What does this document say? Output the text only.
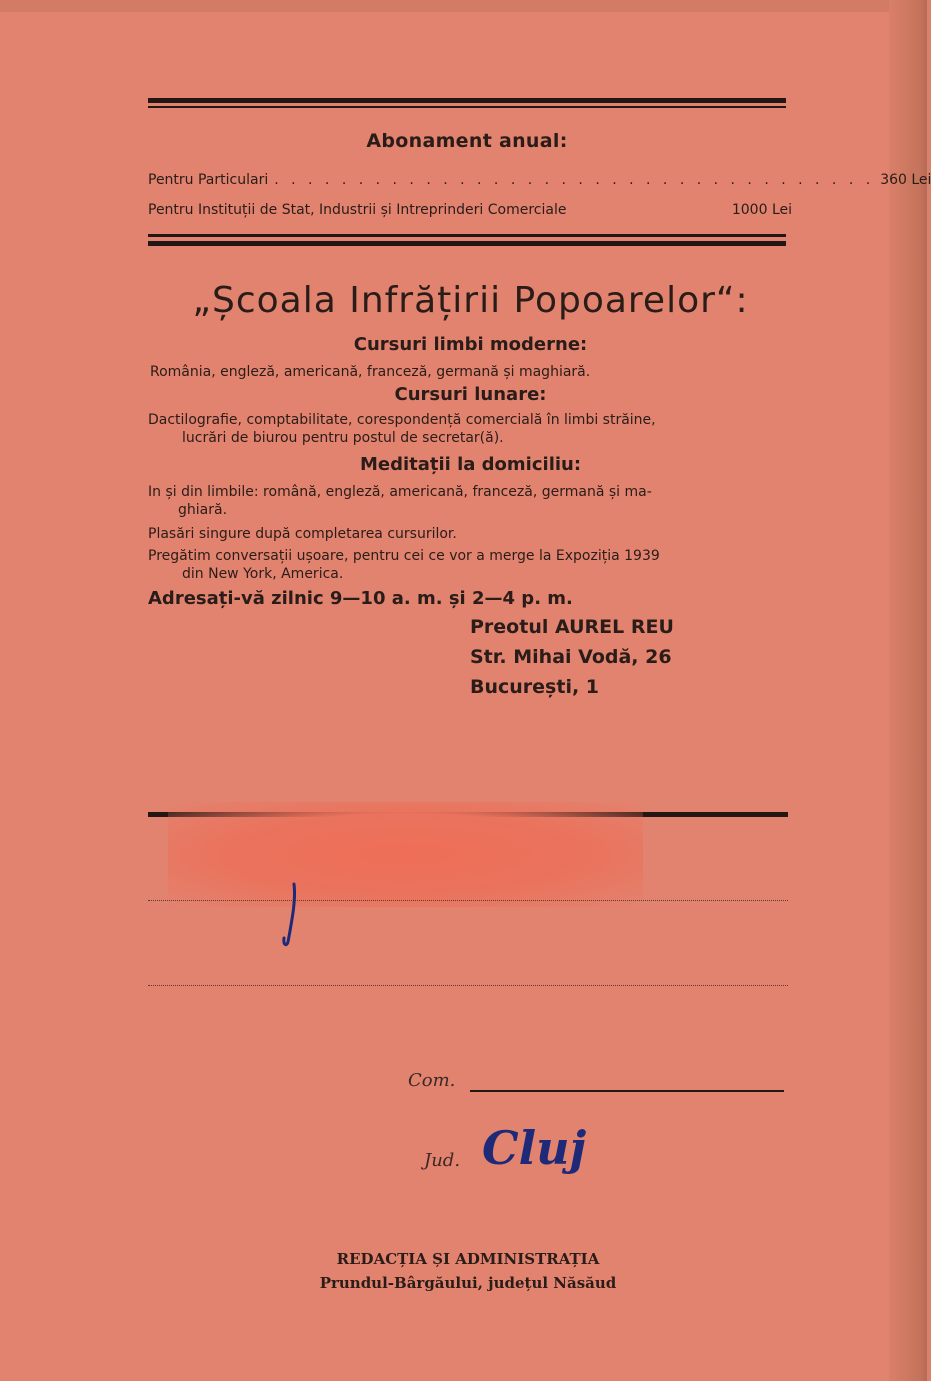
Abonament anual:
Pentru Particulari . . . . . . . . . . . . . . . . . . . . . . . . . . . . . . . . . . . . 360 Lei
Pentru Instituții de Stat, Industrii și Intreprinderi Comerciale	1000 Lei
„Școala Infrățirii Popoarelor“:
Cursuri limbi moderne:
România, engleză, americană, franceză, germană și maghiară.
Cursuri lunare:
Dactilografie, comptabilitate, corespondență comercială în limbi străine,
lucrări de biurou pentru postul de secretar(ă).
Meditații la domiciliu:
In și din limbile: română, engleză, americană, franceză, germană și ma-
ghiară.
Plasări singure după completarea cursurilor.
Pregătim conversații ușoare, pentru cei ce vor a merge la Expoziția 1939
din New York, America.
Adresați-vă zilnic 9—10 a. m. și 2—4 p. m.
Preotul AUREL REU
Str. Mihai Vodă, 26
București, 1
Com.
Jud. Cluj
REDACȚIA ȘI ADMINISTRAȚIA
Prundul-Bârgăului, județul Năsăud
